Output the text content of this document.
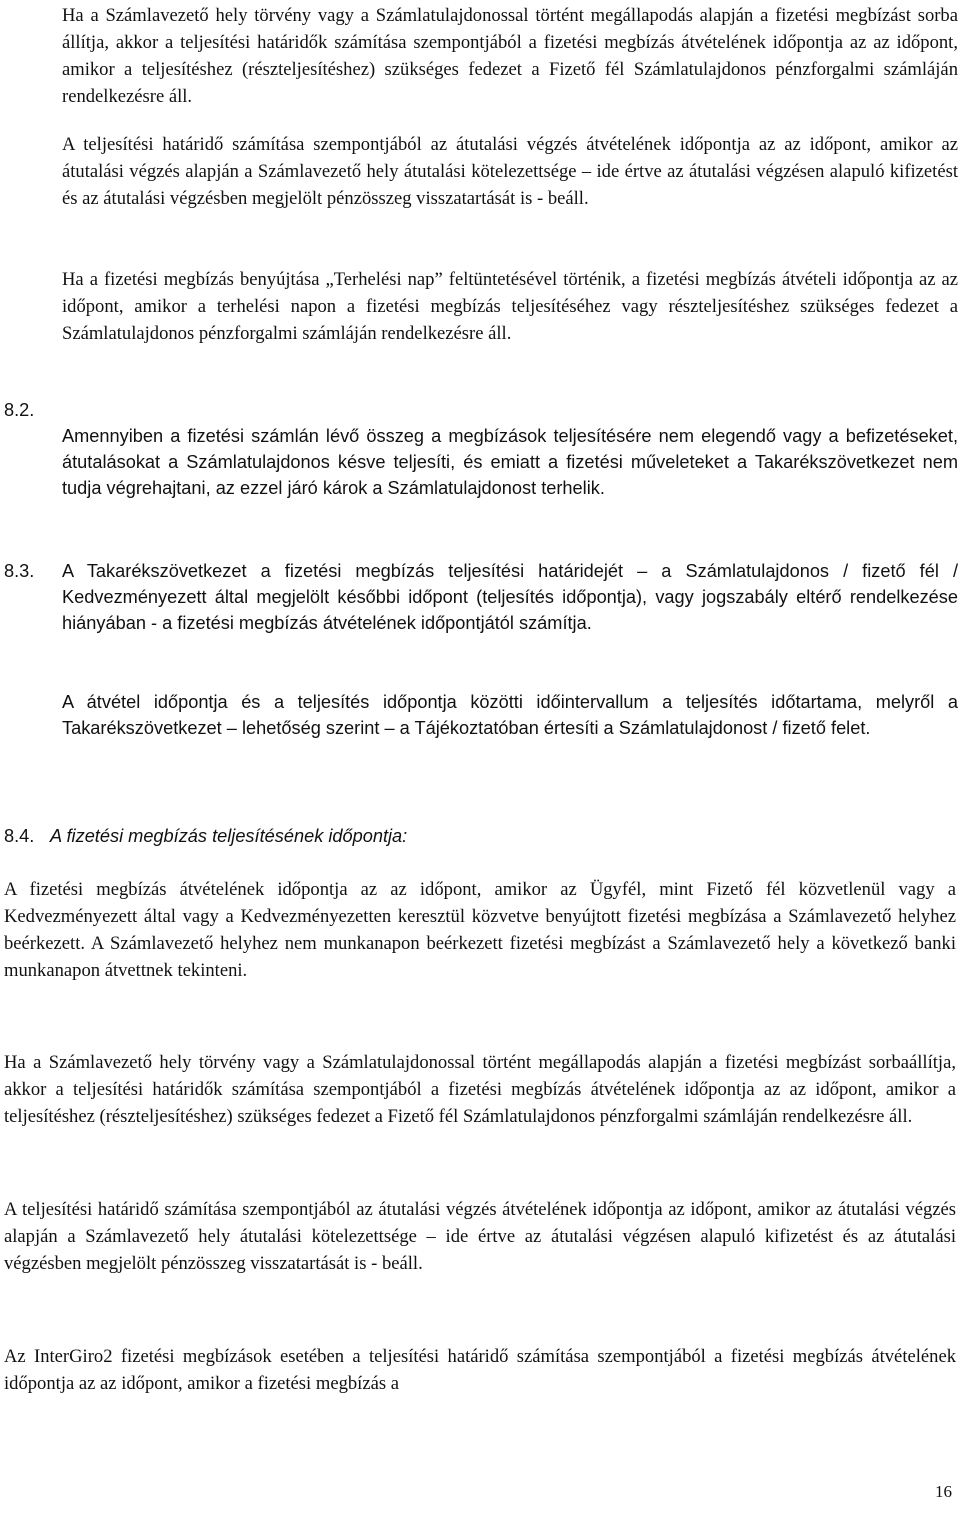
Ha a Számlavezető hely törvény vagy a Számlatulajdonossal történt megállapodás alapján a fizetési megbízást sorba állítja, akkor a teljesítési határidők számítása szempontjából a fizetési megbízás átvételének időpontja az az időpont, amikor a teljesítéshez (részteljesítéshez) szükséges fedezet a Fizető fél Számlatulajdonos pénzforgalmi számláján rendelkezésre áll.

A teljesítési határidő számítása szempontjából az átutalási végzés átvételének időpontja az az időpont, amikor az átutalási végzés alapján a Számlavezető hely átutalási kötelezettsége – ide értve az átutalási végzésen alapuló kifizetést és az átutalási végzésben megjelölt pénzösszeg visszatartását is - beáll.

Ha a fizetési megbízás benyújtása „Terhelési nap” feltüntetésével történik, a fizetési megbízás átvételi időpontja az az időpont, amikor a terhelési napon a fizetési megbízás teljesítéséhez vagy részteljesítéshez szükséges fedezet a Számlatulajdonos pénzforgalmi számláján rendelkezésre áll.

8.2.

Amennyiben a fizetési számlán lévő összeg a megbízások teljesítésére nem elegendő vagy a befizetéseket, átutalásokat a Számlatulajdonos késve teljesíti, és emiatt a fizetési műveleteket a Takarékszövetkezet nem tudja végrehajtani, az ezzel járó károk a Számlatulajdonost terhelik.

8.3. A Takarékszövetkezet a fizetési megbízás teljesítési határidejét – a Számlatulajdonos / fizető fél / Kedvezményezett által megjelölt későbbi időpont (teljesítés időpontja), vagy jogszabály eltérő rendelkezése hiányában - a fizetési megbízás átvételének időpontjától számítja.

A átvétel időpontja és a teljesítés időpontja közötti időintervallum a teljesítés időtartama, melyről a Takarékszövetkezet – lehetőség szerint – a Tájékoztatóban értesíti a Számlatulajdonost / fizető felet.

8.4. A fizetési megbízás teljesítésének időpontja:

A fizetési megbízás átvételének időpontja az az időpont, amikor az Ügyfél, mint Fizető fél közvetlenül vagy a Kedvezményezett által vagy a Kedvezményezetten keresztül közvetve benyújtott fizetési megbízása a Számlavezető helyhez beérkezett. A Számlavezető helyhez nem munkanapon beérkezett fizetési megbízást a Számlavezető hely a következő banki munkanapon átvettnek tekinteni.

Ha a Számlavezető hely törvény vagy a Számlatulajdonossal történt megállapodás alapján a fizetési megbízást sorbaállítja, akkor a teljesítési határidők számítása szempontjából a fizetési megbízás átvételének időpontja az az időpont, amikor a teljesítéshez (részteljesítéshez) szükséges fedezet a Fizető fél Számlatulajdonos pénzforgalmi számláján rendelkezésre áll.

A teljesítési határidő számítása szempontjából az átutalási végzés átvételének időpontja az időpont, amikor az átutalási végzés alapján a Számlavezető hely átutalási kötelezettsége – ide értve az átutalási végzésen alapuló kifizetést és az átutalási végzésben megjelölt pénzösszeg visszatartását is - beáll.

Az InterGiro2 fizetési megbízások esetében a teljesítési határidő számítása szempontjából a fizetési megbízás átvételének időpontja az az időpont, amikor a fizetési megbízás a

16
